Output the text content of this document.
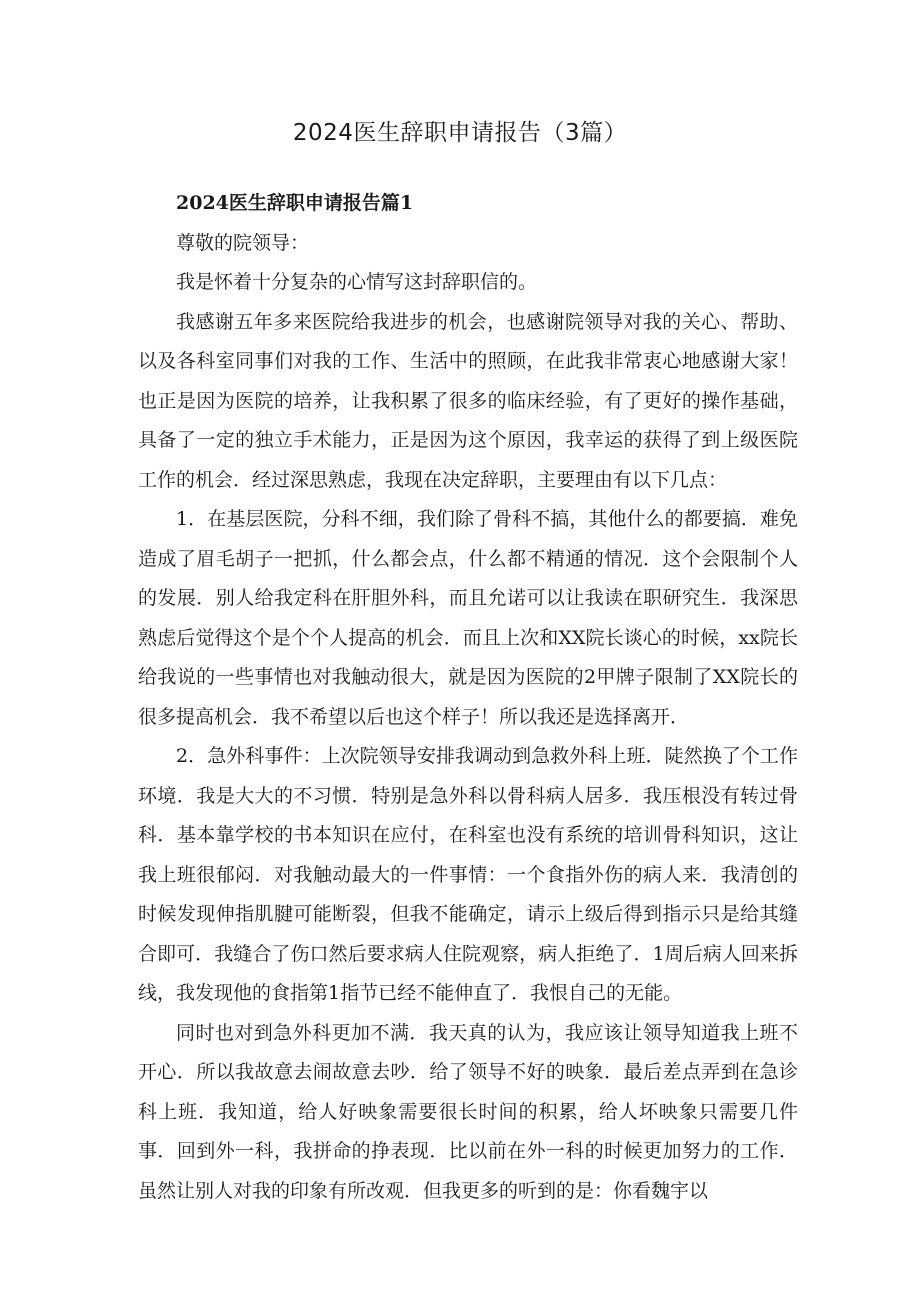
2024医生辞职申请报告（3篇）

2024医生辞职申请报告篇1

尊敬的院领导：

我是怀着十分复杂的心情写这封辞职信的。

我感谢五年多来医院给我进步的机会，也感谢院领导对我的关心、帮助、以及各科室同事们对我的工作、生活中的照顾，在此我非常衷心地感谢大家！也正是因为医院的培养，让我积累了很多的临床经验，有了更好的操作基础，具备了一定的独立手术能力，正是因为这个原因，我幸运的获得了到上级医院工作的机会．经过深思熟虑，我现在决定辞职，主要理由有以下几点：

1．在基层医院，分科不细，我们除了骨科不搞，其他什么的都要搞．难免造成了眉毛胡子一把抓，什么都会点，什么都不精通的情况．这个会限制个人的发展．别人给我定科在肝胆外科，而且允诺可以让我读在职研究生．我深思熟虑后觉得这个是个个人提高的机会．而且上次和XX院长谈心的时候，xx院长给我说的一些事情也对我触动很大，就是因为医院的2甲牌子限制了XX院长的很多提高机会．我不希望以后也这个样子！所以我还是选择离开．

2．急外科事件：上次院领导安排我调动到急救外科上班．陡然换了个工作环境．我是大大的不习惯．特别是急外科以骨科病人居多．我压根没有转过骨科．基本靠学校的书本知识在应付，在科室也没有系统的培训骨科知识，这让我上班很郁闷．对我触动最大的一件事情：一个食指外伤的病人来．我清创的时候发现伸指肌腱可能断裂，但我不能确定，请示上级后得到指示只是给其缝合即可．我缝合了伤口然后要求病人住院观察，病人拒绝了．1周后病人回来拆线，我发现他的食指第1指节已经不能伸直了．我恨自己的无能。

同时也对到急外科更加不满．我天真的认为，我应该让领导知道我上班不开心．所以我故意去闹故意去吵．给了领导不好的映象．最后差点弄到在急诊科上班．我知道，给人好映象需要很长时间的积累，给人坏映象只需要几件事．回到外一科，我拼命的挣表现．比以前在外一科的时候更加努力的工作．虽然让别人对我的印象有所改观．但我更多的听到的是：你看魏宇以
